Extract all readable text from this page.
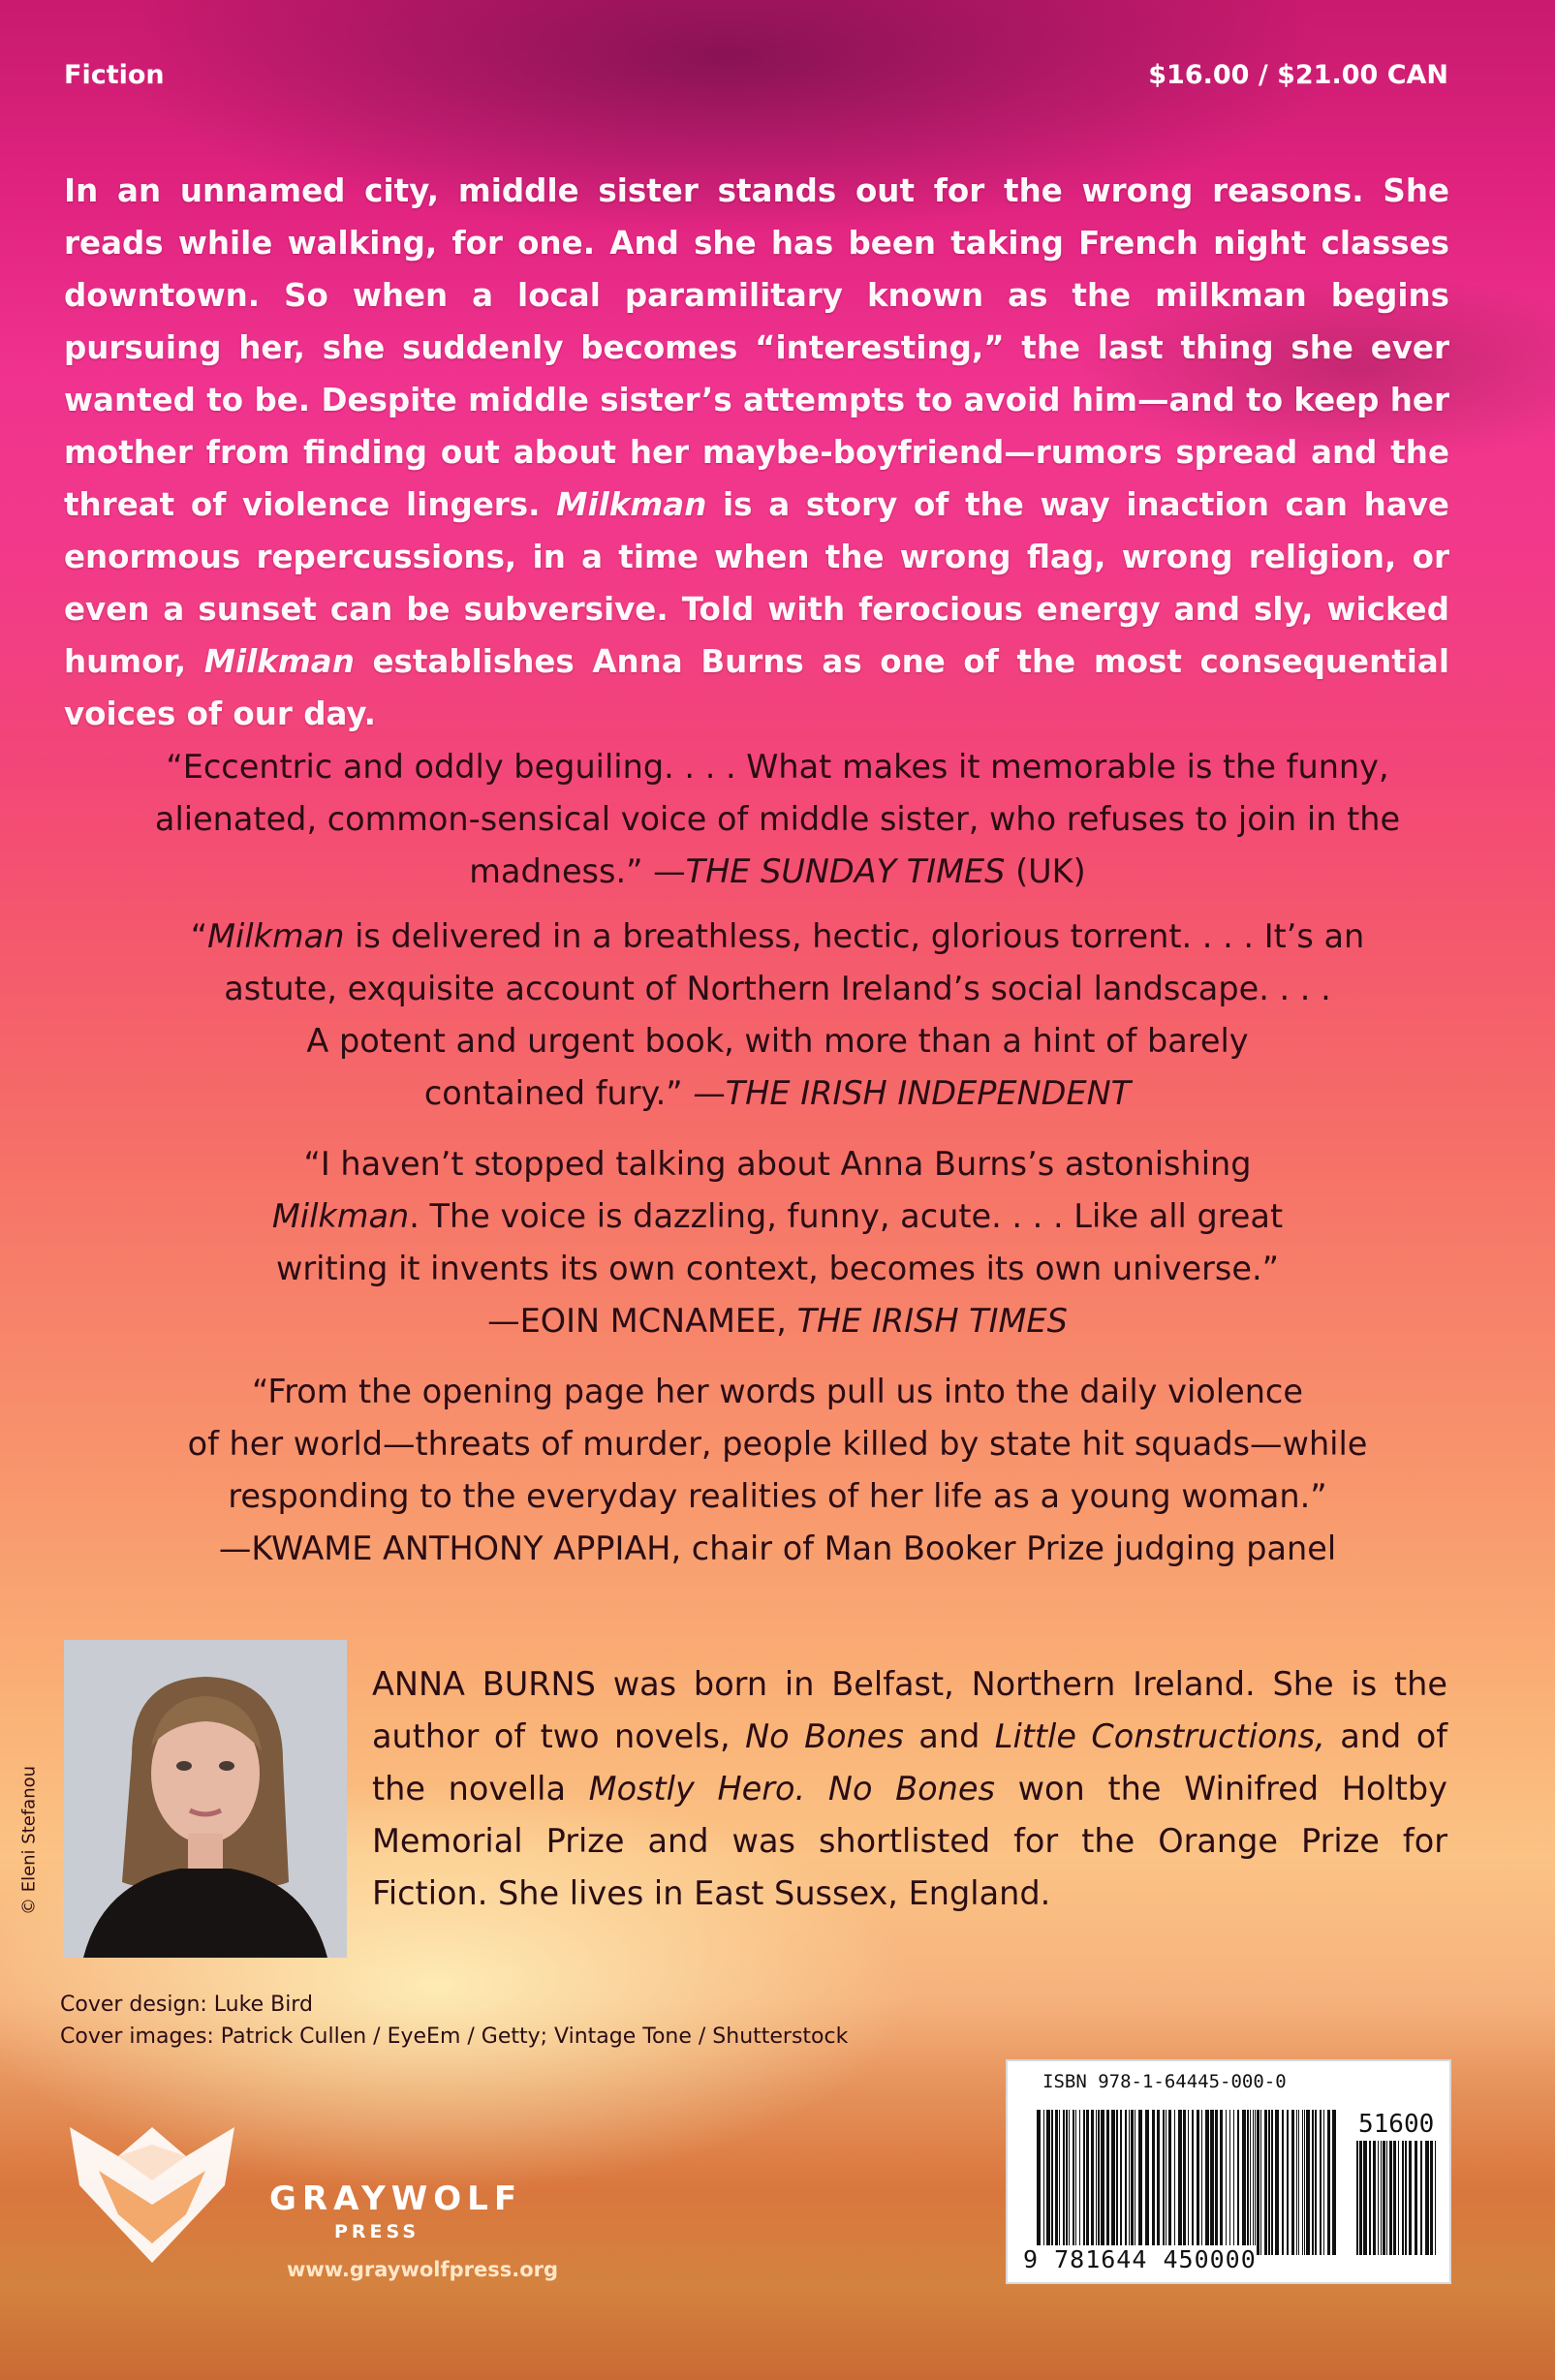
Fiction	$16.00 / $21.00 CAN
In an unnamed city, middle sister stands out for the wrong reasons. She reads while walking, for one. And she has been taking French night classes downtown. So when a local paramilitary known as the milkman begins pursuing her, she suddenly becomes “interesting,” the last thing she ever wanted to be. Despite middle sister’s attempts to avoid him—and to keep her mother from finding out about her maybe-boyfriend—rumors spread and the threat of violence lingers. Milkman is a story of the way inaction can have enormous repercussions, in a time when the wrong flag, wrong religion, or even a sunset can be subversive. Told with ferocious energy and sly, wicked humor, Milkman establishes Anna Burns as one of the most consequential voices of our day.
“Eccentric and oddly beguiling. . . . What makes it memorable is the funny,
alienated, common-sensical voice of middle sister, who refuses to join in the
madness.” —THE SUNDAY TIMES (UK)
“Milkman is delivered in a breathless, hectic, glorious torrent. . . . It’s an
astute, exquisite account of Northern Ireland’s social landscape. . . .
A potent and urgent book, with more than a hint of barely
contained fury.” —THE IRISH INDEPENDENT
“I haven’t stopped talking about Anna Burns’s astonishing
Milkman. The voice is dazzling, funny, acute. . . . Like all great
writing it invents its own context, becomes its own universe.”
—EOIN MCNAMEE, THE IRISH TIMES
“From the opening page her words pull us into the daily violence
of her world—threats of murder, people killed by state hit squads—while
responding to the everyday realities of her life as a young woman.”
—KWAME ANTHONY APPIAH, chair of Man Booker Prize judging panel
© Eleni Stefanou
ANNA BURNS was born in Belfast, Northern Ireland. She is the author of two novels, No Bones and Little Constructions, and of the novella Mostly Hero. No Bones won the Winifred Holtby Memorial Prize and was shortlisted for the Orange Prize for Fiction. She lives in East Sussex, England.
Cover design: Luke Bird
Cover images: Patrick Cullen / EyeEm / Getty; Vintage Tone / Shutterstock
GRAYWOLF
PRESS
www.graywolfpress.org
ISBN 978-1-64445-000-0
51600
9 781644 450000
